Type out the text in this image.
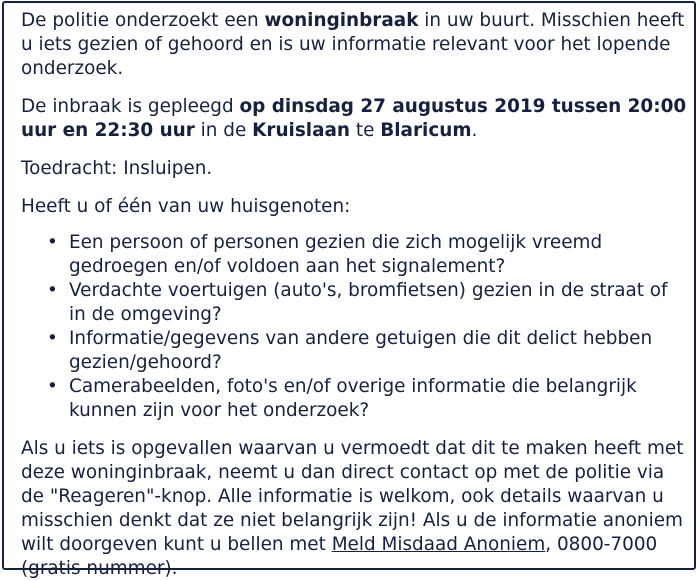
De politie onderzoekt een woninginbraak in uw buurt. Misschien heeft u iets gezien of gehoord en is uw informatie relevant voor het lopende onderzoek.

De inbraak is gepleegd op dinsdag 27 augustus 2019 tussen 20:00 uur en 22:30 uur in de Kruislaan te Blaricum.

Toedracht: Insluipen.

Heeft u of één van uw huisgenoten:

• Een persoon of personen gezien die zich mogelijk vreemd gedroegen en/of voldoen aan het signalement?
• Verdachte voertuigen (auto's, bromfietsen) gezien in de straat of in de omgeving?
• Informatie/gegevens van andere getuigen die dit delict hebben gezien/gehoord?
• Camerabeelden, foto's en/of overige informatie die belangrijk kunnen zijn voor het onderzoek?

Als u iets is opgevallen waarvan u vermoedt dat dit te maken heeft met deze woninginbraak, neemt u dan direct contact op met de politie via de "Reageren"-knop. Alle informatie is welkom, ook details waarvan u misschien denkt dat ze niet belangrijk zijn! Als u de informatie anoniem wilt doorgeven kunt u bellen met Meld Misdaad Anoniem, 0800-7000 (gratis nummer).
